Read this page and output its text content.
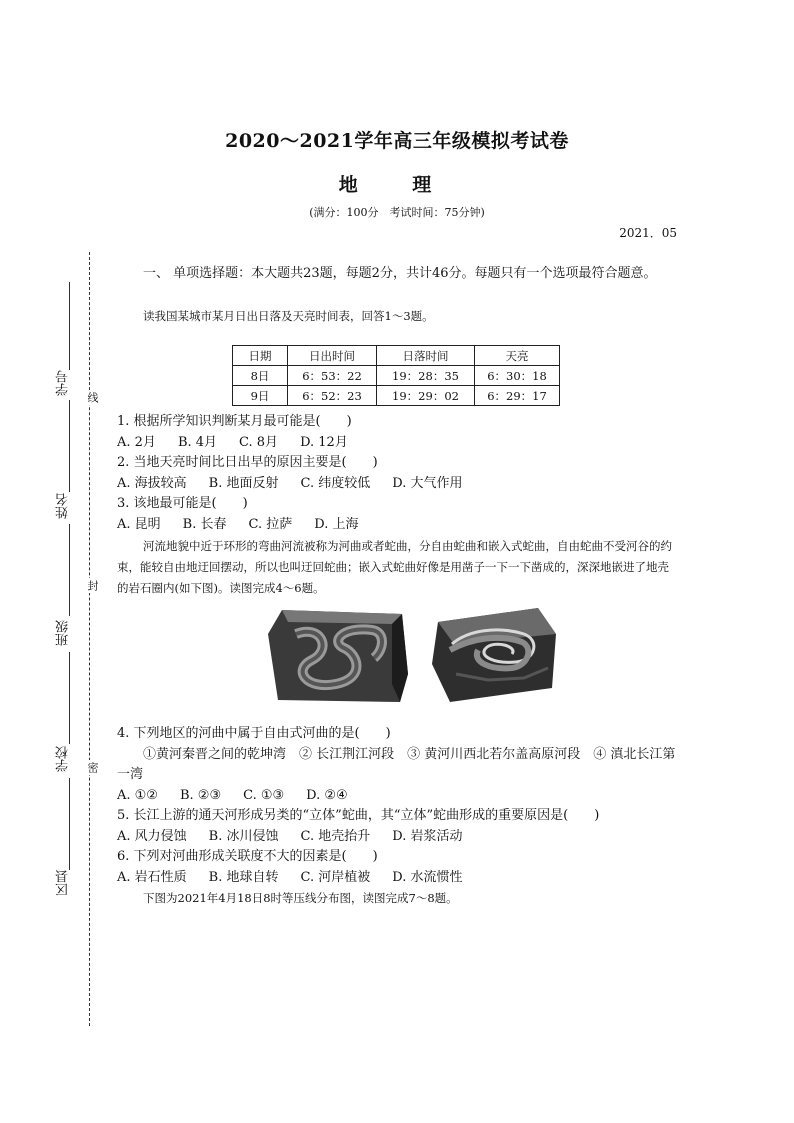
2020～2021学年高三年级模拟考试卷
地 理
(满分：100分　考试时间：75分钟)
2021．05
学号
姓名
班级
学校
区县
线
封
密
一、 单项选择题：本大题共23题，每题2分，共计46分。每题只有一个选项最符合题意。
读我国某城市某月日出日落及天亮时间表，回答1～3题。
日期	日出时间	日落时间	天亮
8日	6：53：22	19：28：35	6：30：18
9日	6：52：23	19：29：02	6：29：17

1. 根据所学知识判断某月最可能是(　　)

A. 2月 B. 4月 C. 8月 D. 12月

2. 当地天亮时间比日出早的原因主要是(　　)

A. 海拔较高 B. 地面反射 C. 纬度较低 D. 大气作用

3. 该地最可能是(　　)

A. 昆明 B. 长春 C. 拉萨 D. 上海

河流地貌中近于环形的弯曲河流被称为河曲或者蛇曲，分自由蛇曲和嵌入式蛇曲，自由蛇曲不受河谷的约束，能较自由地迂回摆动，所以也叫迂回蛇曲；嵌入式蛇曲好像是用凿子一下一下凿成的，深深地嵌进了地壳的岩石圈内(如下图)。读图完成4～6题。

4. 下列地区的河曲中属于自由式河曲的是(　　)

①黄河秦晋之间的乾坤湾　② 长江荆江河段　③ 黄河川西北若尔盖高原河段　④ 滇北长江第一湾

A. ①② B. ②③ C. ①③ D. ②④

5. 长江上游的通天河形成另类的“立体”蛇曲，其“立体”蛇曲形成的重要原因是(　　)

A. 风力侵蚀 B. 冰川侵蚀 C. 地壳抬升 D. 岩浆活动

6. 下列对河曲形成关联度不大的因素是(　　)

A. 岩石性质 B. 地球自转 C. 河岸植被 D. 水流惯性

下图为2021年4月18日8时等压线分布图，读图完成7～8题。
